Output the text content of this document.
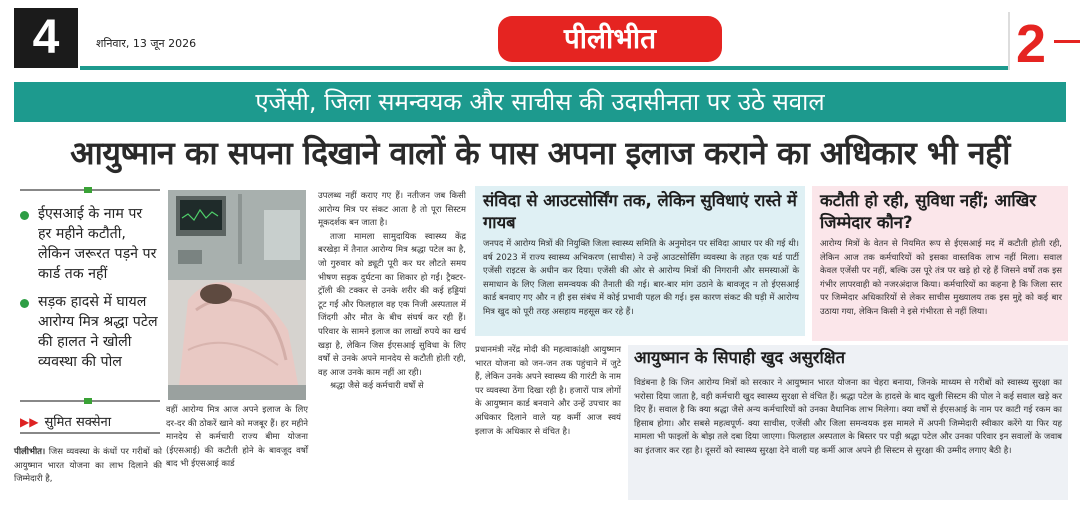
4	शनिवार, 13 जून 2026	पीलीभीत	2
एजेंसी, जिला समन्वयक और साचीस की उदासीनता पर उठे सवाल
आयुष्मान का सपना दिखाने वालों के पास अपना इलाज कराने का अधिकार भी नहीं
ईएसआई के नाम पर हर महीने कटौती, लेकिन जरूरत पड़ने पर कार्ड तक नहीं
सड़क हादसे में घायल आरोग्य मित्र श्रद्धा पटेल की हालत ने खोली व्यवस्था की पोल
▶▶ सुमित सक्सेना
पीलीभीत। जिस व्यवस्था के कंधों पर गरीबों को आयुष्मान भारत योजना का लाभ दिलाने की जिम्मेदारी है,
वहीं आरोग्य मित्र आज अपने इलाज के लिए दर-दर की ठोकरें खाने को मजबूर हैं। हर महीने मानदेय से कर्मचारी राज्य बीमा योजना (ईएसआई) की कटौती होने के बावजूद वर्षों बाद भी ईएसआई कार्ड

उपलब्ध नहीं कराए गए हैं। नतीजन जब किसी आरोग्य मित्र पर संकट आता है तो पूरा सिस्टम मूकदर्शक बन जाता है।

ताजा मामला सामुदायिक स्वास्थ्य केंद्र बरखेड़ा में तैनात आरोग्य मित्र श्रद्धा पटेल का है, जो गुरुवार को ड्यूटी पूरी कर घर लौटते समय भीषण सड़क दुर्घटना का शिकार हो गईं। ट्रैक्टर-ट्रॉली की टक्कर से उनके शरीर की कई हड्डियां टूट गईं और फिलहाल वह एक निजी अस्पताल में जिंदगी और मौत के बीच संघर्ष कर रही हैं। परिवार के सामने इलाज का लाखों रुपये का खर्च खड़ा है, लेकिन जिस ईएसआई सुविधा के लिए वर्षों से उनके अपने मानदेय से कटौती होती रही, वह आज उनके काम नहीं आ रही।

श्रद्धा जैसे कई कर्मचारी वर्षों से

संविदा से आउटसोर्सिंग तक, लेकिन सुविधाएं रास्ते में गायब
जनपद में आरोग्य मित्रों की नियुक्ति जिला स्वास्थ्य समिति के अनुमोदन पर संविदा आधार पर की गई थी। वर्ष 2023 में राज्य स्वास्थ्य अभिकरण (साचीस) ने उन्हें आउटसोर्सिंग व्यवस्था के तहत एक थर्ड पार्टी एजेंसी राइटस के अधीन कर दिया। एजेंसी की ओर से आरोग्य मित्रों की निगरानी और समस्याओं के समाधान के लिए जिला समन्वयक की तैनाती की गई। बार-बार मांग उठाने के बावजूद न तो ईएसआई कार्ड बनवाए गए और न ही इस संबंध में कोई प्रभावी पहल की गई। इस कारण संकट की घड़ी में आरोग्य मित्र खुद को पूरी तरह असहाय महसूस कर रहे हैं।
प्रधानमंत्री नरेंद्र मोदी की महत्वाकांक्षी आयुष्मान भारत योजना को जन-जन तक पहुंचाने में जुटे हैं, लेकिन उनके अपने स्वास्थ्य की गारंटी के नाम पर व्यवस्था ठेंगा दिखा रही है। हजारों पात्र लोगों के आयुष्मान कार्ड बनवाने और उन्हें उपचार का अधिकार दिलाने वाले यह कर्मी आज स्वयं इलाज के अधिकार से वंचित है।
कटौती हो रही, सुविधा नहीं; आखिर जिम्मेदार कौन?
आरोग्य मित्रों के वेतन से नियमित रूप से ईएसआई मद में कटौती होती रही, लेकिन आज तक कर्मचारियों को इसका वास्तविक लाभ नहीं मिला। सवाल केवल एजेंसी पर नहीं, बल्कि उस पूरे तंत्र पर खड़े हो रहे हैं जिसने वर्षों तक इस गंभीर लापरवाही को नजरअंदाज किया। कर्मचारियों का कहना है कि जिला स्तर पर जिम्मेदार अधिकारियों से लेकर साचीस मुख्यालय तक इस मुद्दे को कई बार उठाया गया, लेकिन किसी ने इसे गंभीरता से नहीं लिया।
आयुष्मान के सिपाही खुद असुरक्षित
विडंबना है कि जिन आरोग्य मित्रों को सरकार ने आयुष्मान भारत योजना का चेहरा बनाया, जिनके माध्यम से गरीबों को स्वास्थ्य सुरक्षा का भरोसा दिया जाता है, वही कर्मचारी खुद स्वास्थ्य सुरक्षा से वंचित हैं। श्रद्धा पटेल के हादसे के बाद खुली सिस्टम की पोल ने कई सवाल खड़े कर दिए हैं। सवाल है कि क्या श्रद्धा जैसे अन्य कर्मचारियों को उनका वैधानिक लाभ मिलेगा। क्या वर्षों से ईएसआई के नाम पर काटी गई रकम का हिसाब होगा। और सबसे महत्वपूर्ण- क्या साचीस, एजेंसी और जिला समन्वयक इस मामले में अपनी जिम्मेदारी स्वीकार करेंगे या फिर यह मामला भी फाइलों के बोझ तले दबा दिया जाएगा। फिलहाल अस्पताल के बिस्तर पर पड़ी श्रद्धा पटेल और उनका परिवार इन सवालों के जवाब का इंतजार कर रहा है। दूसरों को स्वास्थ्य सुरक्षा देने वाली यह कर्मी आज अपने ही सिस्टम से सुरक्षा की उम्मीद लगाए बैठी है।
